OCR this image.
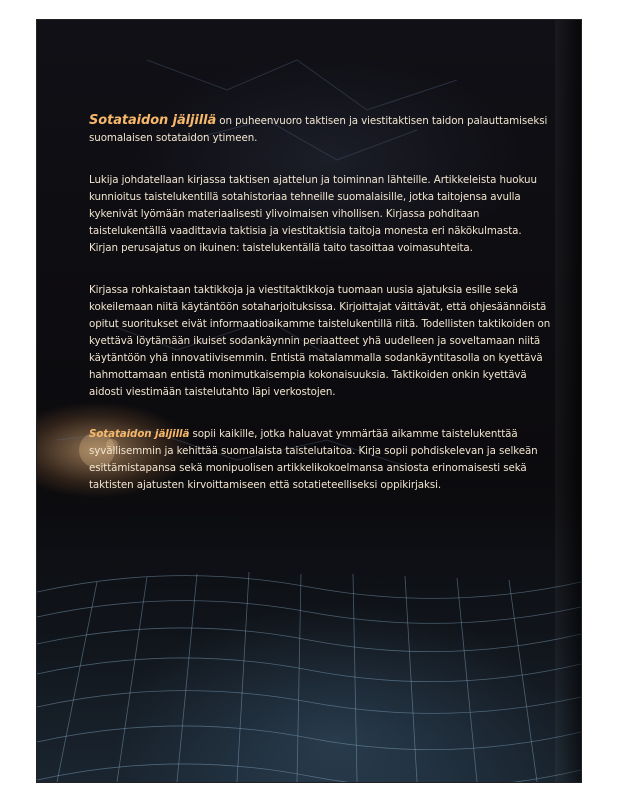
Sotataidon jäljillä on puheenvuoro taktisen ja viestitaktisen taidon palauttamiseksi suomalaisen sotataidon ytimeen.

Lukija johdatellaan kirjassa taktisen ajattelun ja toiminnan lähteille. Artikkeleista huokuu kunnioitus taistelukentillä sotahistoriaa tehneille suomalaisille, jotka taitojensa avulla kykenivät lyömään materiaalisesti ylivoimaisen vihollisen. Kirjassa pohditaan taistelukentällä vaadittavia taktisia ja viestitaktisia taitoja monesta eri näkökulmasta. Kirjan perusajatus on ikuinen: taistelukentällä taito tasoittaa voimasuhteita.

Kirjassa rohkaistaan taktikkoja ja viestitaktikkoja tuomaan uusia ajatuksia esille sekä kokeilemaan niitä käytäntöön sotaharjoituksissa. Kirjoittajat väittävät, että ohjesäännöistä opitut suoritukset eivät informaatioaikamme taistelukentillä riitä. Todellisten taktikoiden on kyettävä löytämään ikuiset sodankäynnin periaatteet yhä uudelleen ja soveltamaan niitä käytäntöön yhä innovatiivisemmin. Entistä matalammalla sodankäyntitasolla on kyettävä hahmottamaan entistä monimutkaisempia kokonaisuuksia. Taktikoiden onkin kyettävä aidosti viestimään taistelutahto läpi verkostojen.

Sotataidon jäljillä sopii kaikille, jotka haluavat ymmärtää aikamme taistelukenttää syvällisemmin ja kehittää suomalaista taistelutaitoa. Kirja sopii pohdiskelevan ja selkeän esittämistapansa sekä monipuolisen artikkelikokoelmansa ansiosta erinomaisesti sekä taktisten ajatusten kirvoittamiseen että sotatieteelliseksi oppikirjaksi.
